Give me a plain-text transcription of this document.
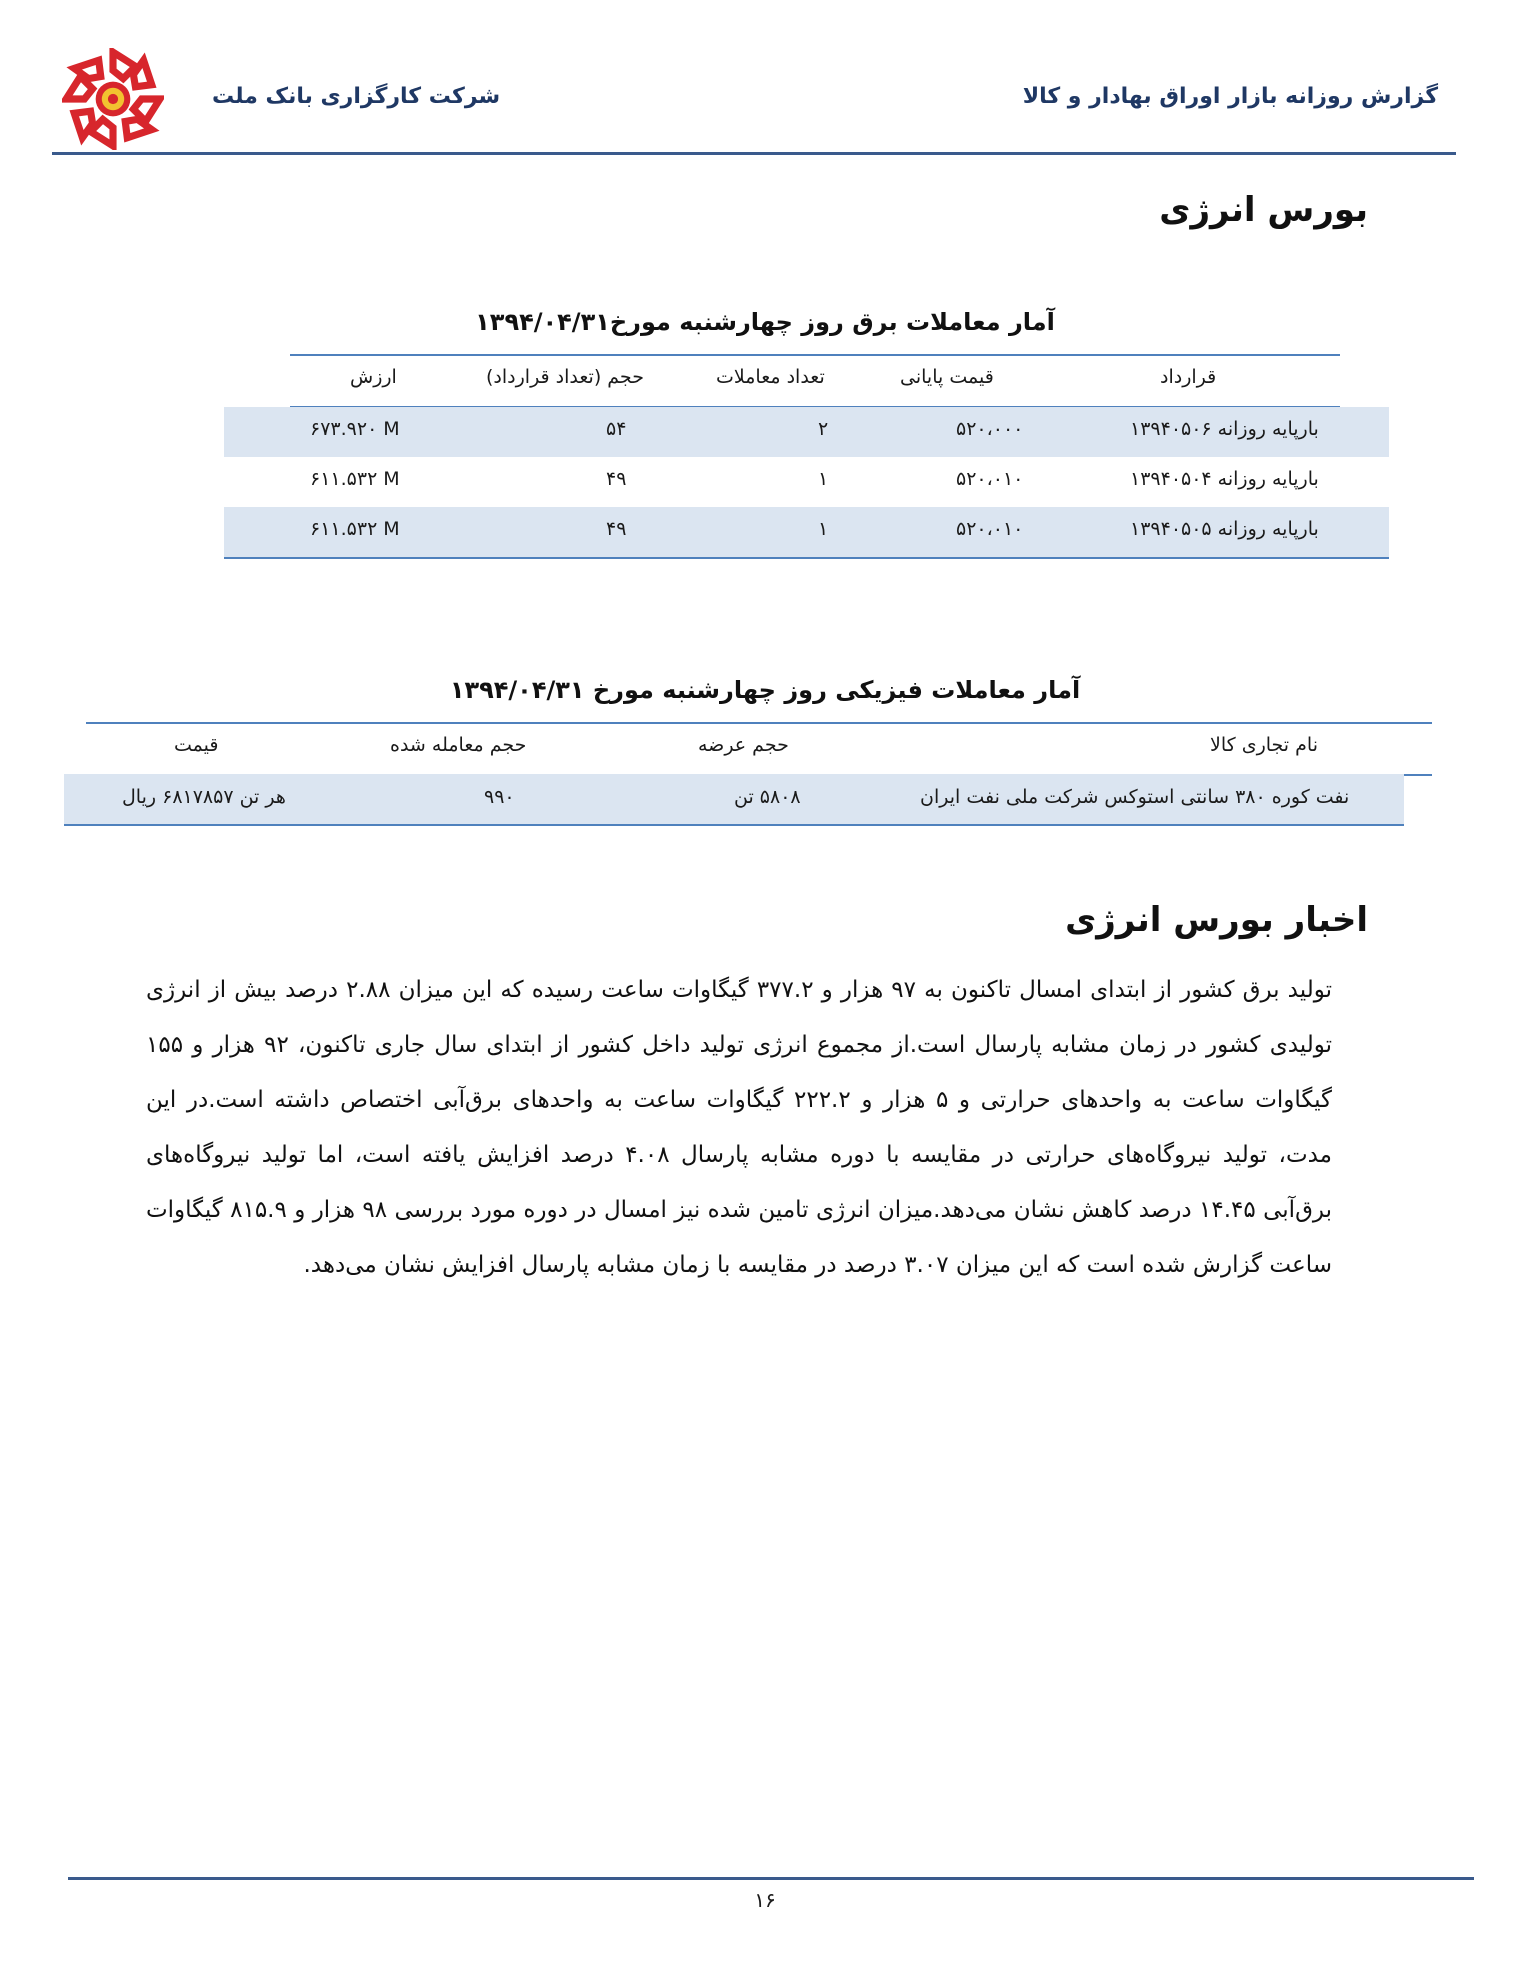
گزارش روزانه بازار اوراق بهادار و کالا
شرکت کارگزاری بانک ملت
بورس انرژی
آمار معاملات برق روز چهارشنبه مورخ۱۳۹۴/۰۴/۳۱
قرارداد
قیمت پایانی
تعداد معاملات
حجم (تعداد قرارداد)
ارزش
بارپایه روزانه ۱۳۹۴۰۵۰۶
۵۲۰،۰۰۰
۲
۵۴
۶۷۳.۹۲۰ M
بارپایه روزانه ۱۳۹۴۰۵۰۴
۵۲۰،۰۱۰
۱
۴۹
۶۱۱.۵۳۲ M
بارپایه روزانه ۱۳۹۴۰۵۰۵
۵۲۰،۰۱۰
۱
۴۹
۶۱۱.۵۳۲ M
آمار معاملات فیزیکی روز چهارشنبه مورخ ۱۳۹۴/۰۴/۳۱
نام تجاری کالا
حجم عرضه
حجم معامله شده
قیمت
نفت کوره ۳۸۰ سانتی استوکس شرکت ملی نفت ایران
۵۸۰۸ تن
۹۹۰
هر تن ۶۸۱۷۸۵۷ ریال
اخبار بورس انرژی
تولید برق کشور از ابتدای امسال تاکنون به ۹۷ هزار و ۳۷۷.۲ گیگاوات ساعت رسیده که این میزان ۲.۸۸ درصد بیش از انرژی تولیدی کشور در زمان مشابه پارسال است.از مجموع انرژی تولید داخل کشور از ابتدای سال جاری تاکنون، ۹۲ هزار و ۱۵۵ گیگاوات ساعت به واحدهای حرارتی و ۵ هزار و ۲۲۲.۲ گیگاوات ساعت به واحدهای برق‌آبی اختصاص داشته است.در این مدت، تولید نیروگاه‌های حرارتی در مقایسه با دوره مشابه پارسال ۴.۰۸ درصد افزایش یافته است، اما تولید نیروگاه‌های برق‌آبی ۱۴.۴۵ درصد کاهش نشان می‌دهد.میزان انرژی تامین شده نیز امسال در دوره مورد بررسی ۹۸ هزار و ۸۱۵.۹ گیگاوات ساعت گزارش شده است که این میزان ۳.۰۷ درصد در مقایسه با زمان مشابه پارسال افزایش نشان می‌دهد.
۱۶
